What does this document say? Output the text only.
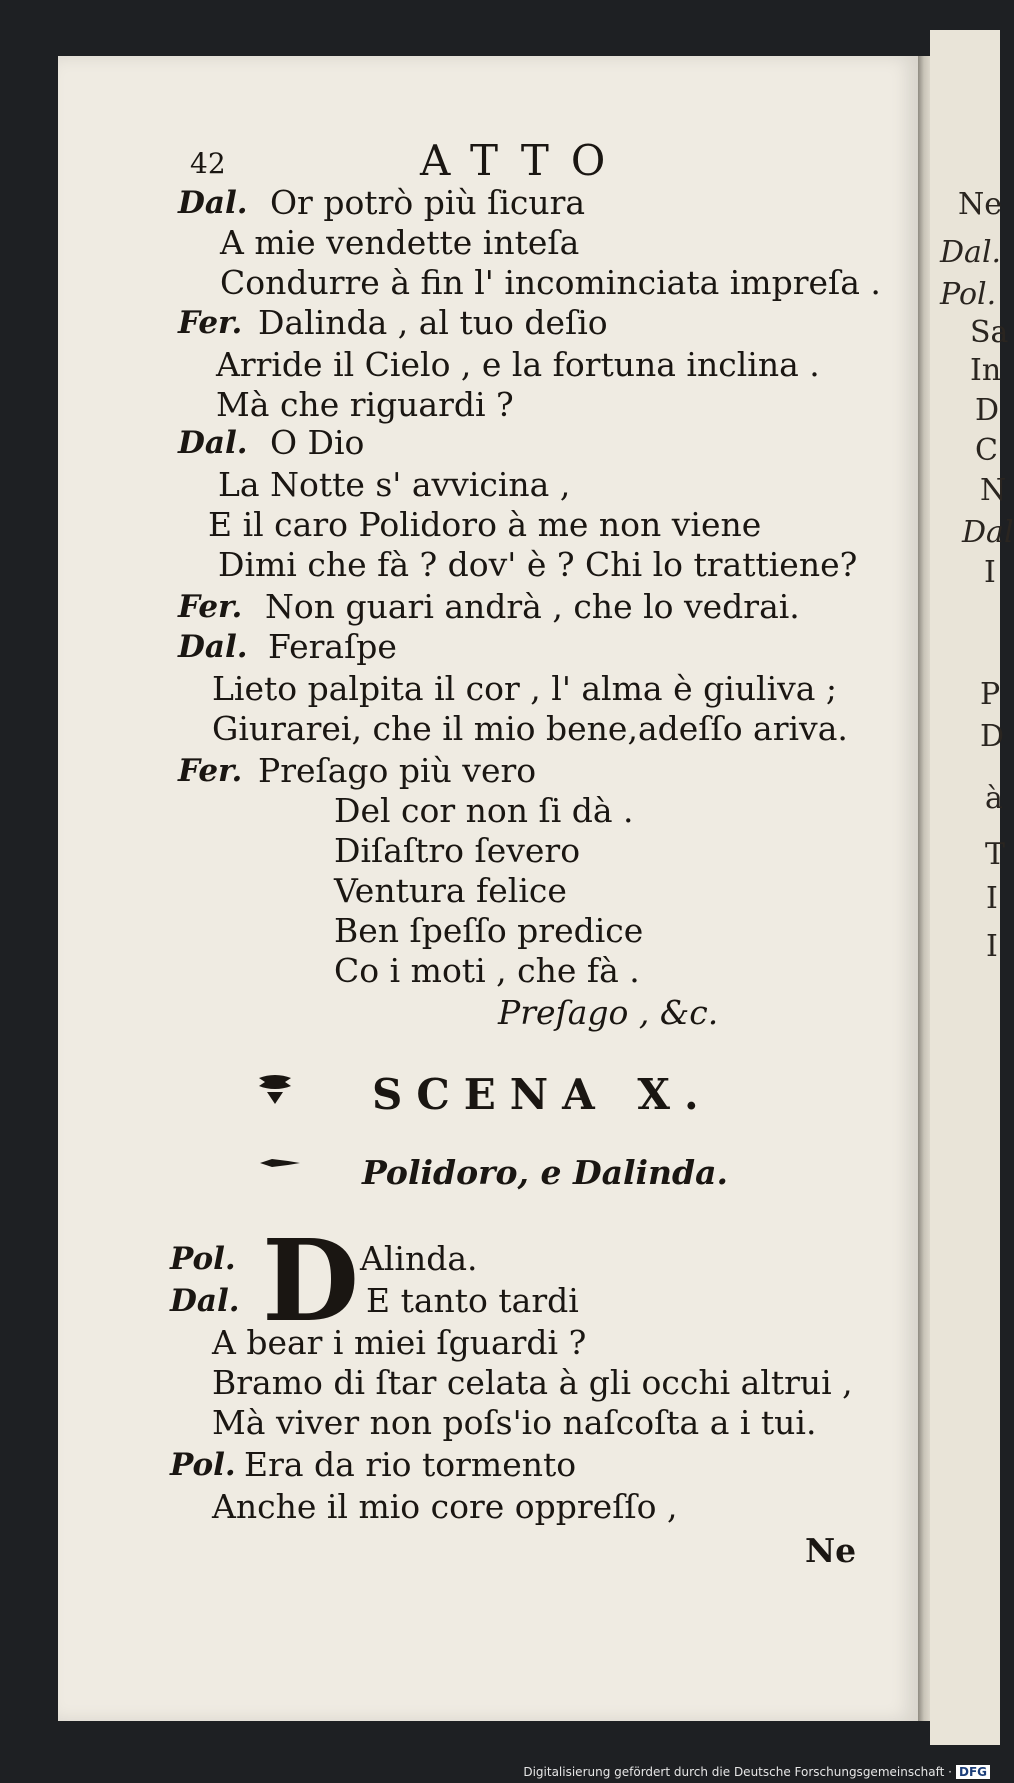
42	ATTO
Dal. Or potrò più ſicura
A mie vendette inteſa
Condurre à fin l' incominciata impreſa .
Fer. Dalinda , al tuo deſio
Arride il Cielo , e la fortuna inclina .
Mà che riguardi ?
Dal. O Dio
La Notte s' avvicina ,
E il caro Polidoro à me non viene
Dimi che fà ? dov' è ? Chi lo trattiene?
Fer. Non guari andrà , che lo vedrai.
Dal. Feraſpe
Lieto palpita il cor , l' alma è giuliva ;
Giurarei, che il mio bene,adeſſo ariva.
Fer. Preſago più vero
Del cor non ſi dà .
Diſaſtro ſevero
Ventura felice
Ben ſpeſſo predice
Co i moti , che fà .
Preſago , &c.
SCENA X.
Polidoro, e Dalinda.
Pol. D Alinda.
Dal.	E tanto tardi
A bear i miei ſguardi ?
Bramo di ſtar celata à gli occhi altrui ,
Mà viver non poſs'io naſcoſta a i tui.
Pol. Era da rio tormento
Anche il mio core oppreſſo ,
Ne
Ne
Dal.
Pol.
Sa
In
D
C
N
Dal
I
P
D
à
T
I
I
Digitalisierung gefördert durch die Deutsche Forschungsgemeinschaft · DFG
